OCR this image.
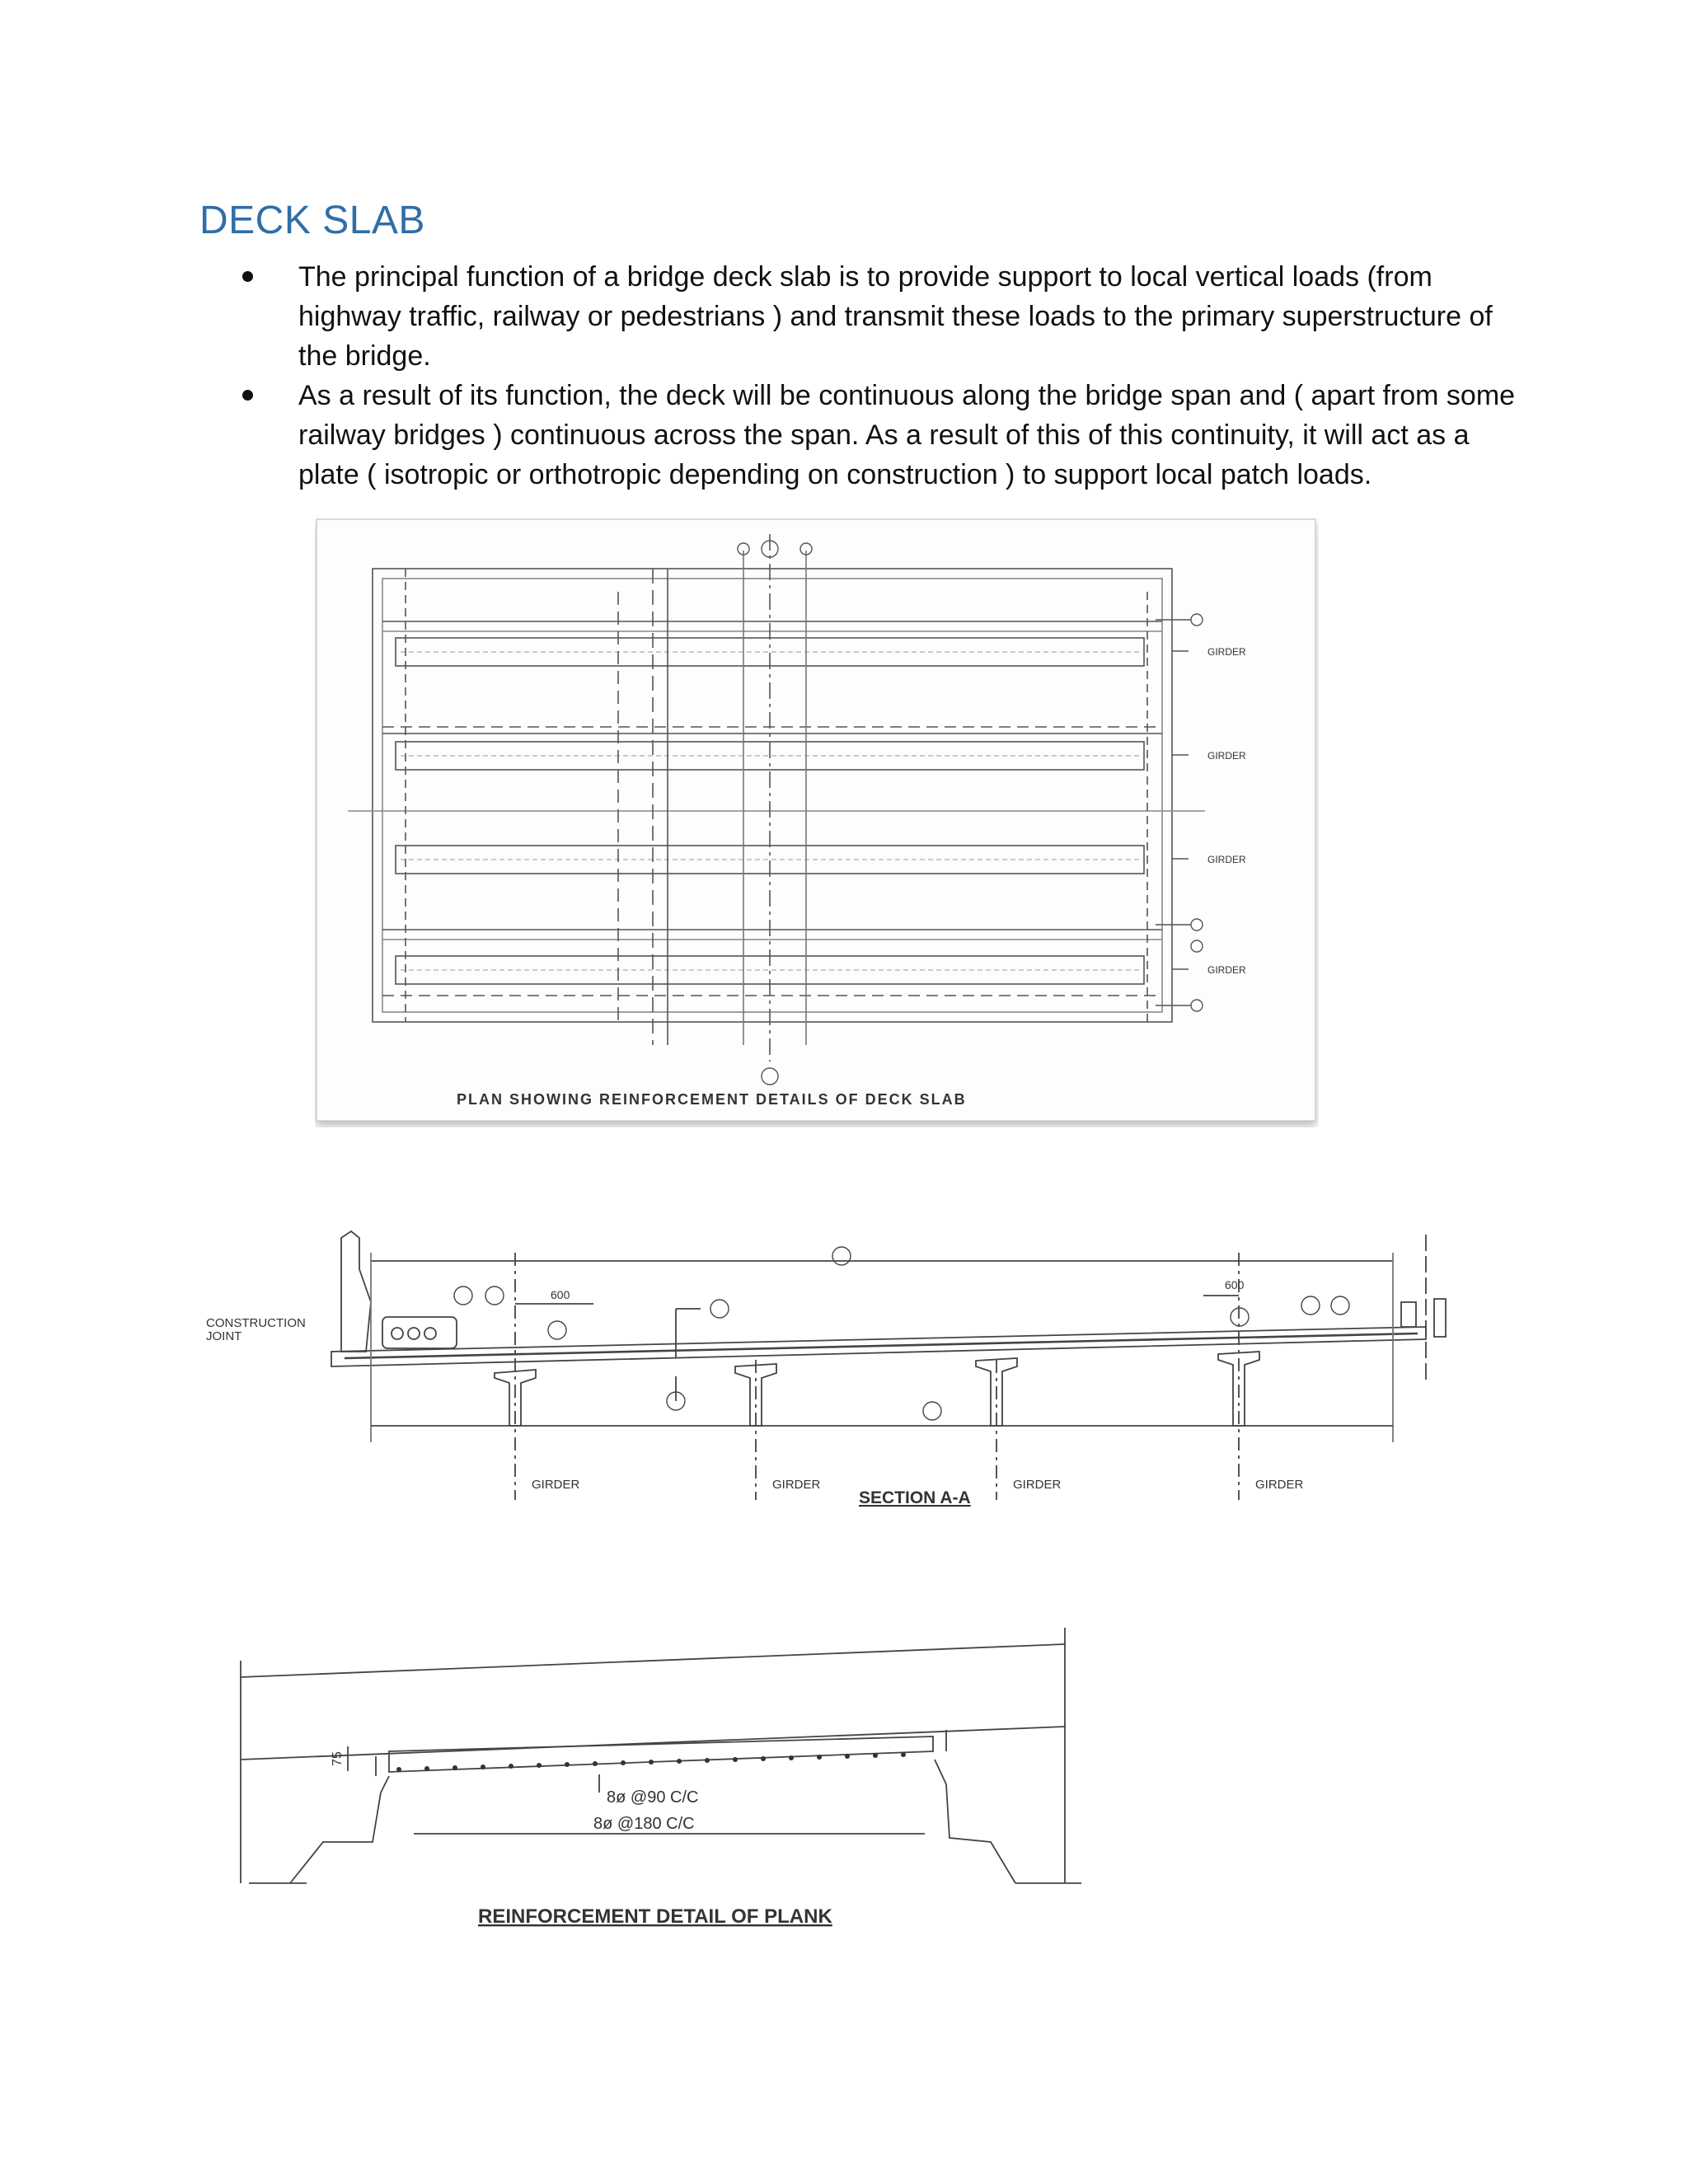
DECK SLAB
The principal function of a bridge deck slab is to provide support to local vertical loads (from highway traffic, railway or pedestrians ) and transmit these loads to the primary superstructure of the bridge.
As a result of its function, the deck will be continuous along the bridge span and ( apart from some railway bridges ) continuous across the span. As a result of this of this continuity, it will act as a plate ( isotropic or orthotropic depending on construction ) to support local patch loads.
GIRDER
GIRDER
GIRDER
GIRDER
PLAN SHOWING REINFORCEMENT DETAILS OF DECK SLAB
CONSTRUCTION JOINT
600
600
GIRDER	GIRDER	GIRDER	GIRDER
SECTION A-A
8ø @90 C/C
8ø @180 C/C
75
REINFORCEMENT DETAIL OF PLANK
